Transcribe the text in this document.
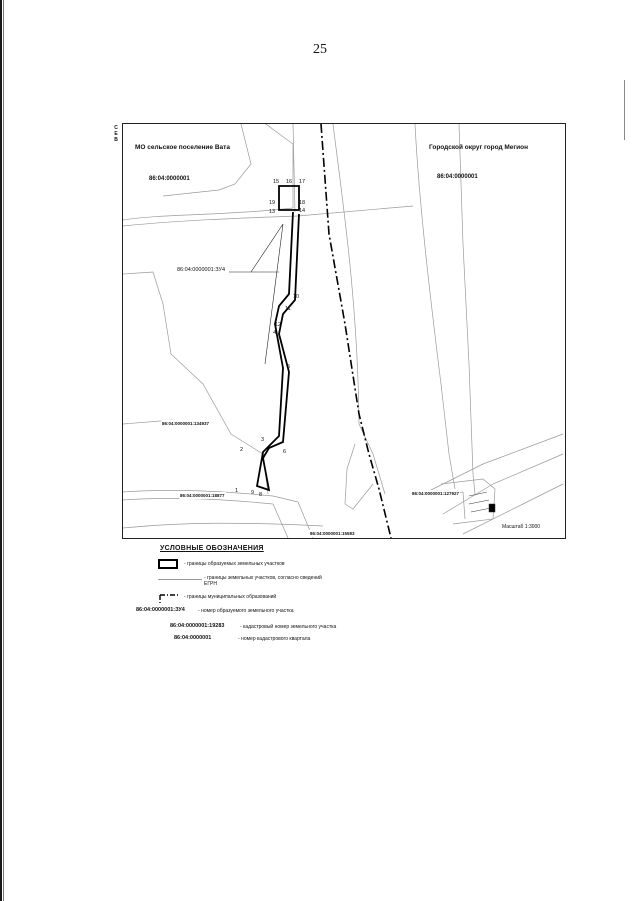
25
С
Е
В
МО сельское поселение Вата	Городской округ город Мегион
86:04:0000001	86:04:0000001
86:04:0000001:ЗУ4
86:04:0000001:134937
86:04:0000001:18877
86:04:0000001:15583
86:04:0000001:127927
Масштаб 1:3000
15 16 17
19	18
13	14
10
11
12
4
5
3
2	6
7
1 9 8
УСЛОВНЫЕ ОБОЗНАЧЕНИЯ
- границы образуемых земельных участков
- границы земельных участков, согласно сведений ЕГРН
- границы муниципальных образований
86:04:0000001:ЗУ4	- номер образуемого земельного участка
86:04:0000001:19283	- кадастровый номер земельного участка
86:04:0000001	- номер кадастрового квартала
